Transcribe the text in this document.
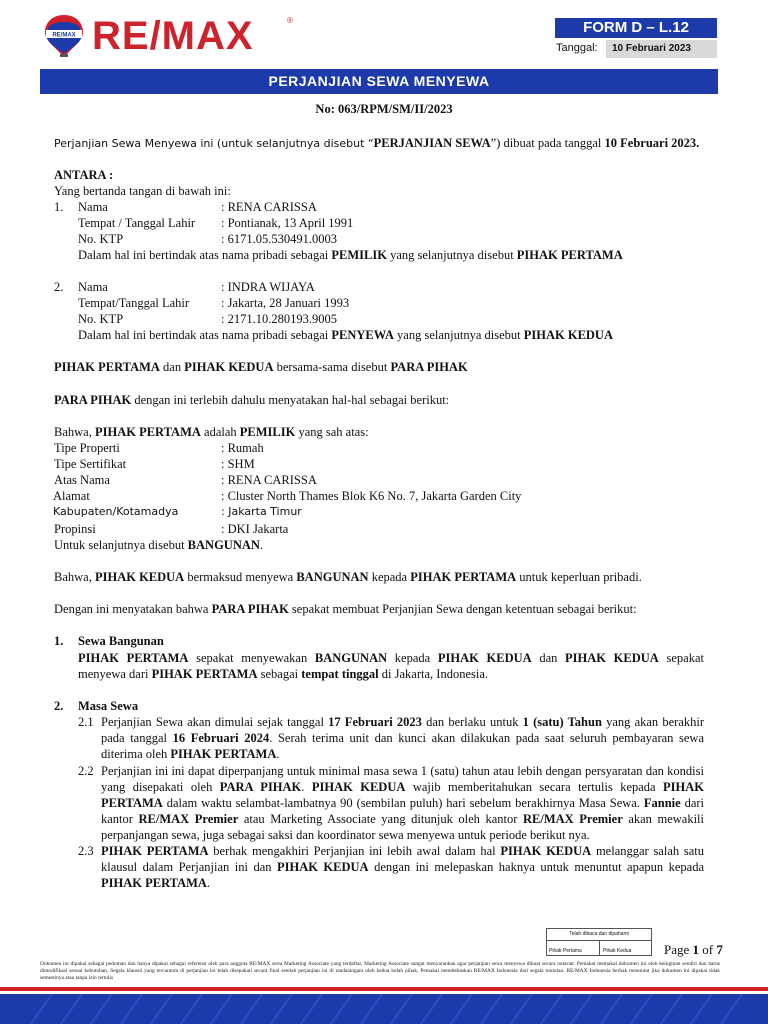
RE/MAX RE/MAX	®	FORM D – L.12
Tanggal:	10 Februari 2023
PERJANJIAN SEWA MENYEWA
No: 063/RPM/SM/II/2023
Perjanjian Sewa Menyewa ini (untuk selanjutnya disebut “PERJANJIAN SEWA”) dibuat pada tanggal 10 Februari 2023.
ANTARA :
Yang bertanda tangan di bawah ini:
1. Nama	: RENA CARISSA
Tempat / Tanggal Lahir : Pontianak, 13 April 1991
No. KTP	: 6171.05.530491.0003
Dalam hal ini bertindak atas nama pribadi sebagai PEMILIK yang selanjutnya disebut PIHAK PERTAMA
2. Nama	: INDRA WIJAYA
Tempat/Tanggal Lahir	: Jakarta, 28 Januari 1993
No. KTP	: 2171.10.280193.9005
Dalam hal ini bertindak atas nama pribadi sebagai PENYEWA yang selanjutnya disebut PIHAK KEDUA
PIHAK PERTAMA dan PIHAK KEDUA bersama-sama disebut PARA PIHAK
PARA PIHAK dengan ini terlebih dahulu menyatakan hal-hal sebagai berikut:
Bahwa, PIHAK PERTAMA adalah PEMILIK yang sah atas:
Tipe Properti	: Rumah
Tipe Sertifikat	: SHM
Atas Nama	: RENA CARISSA
Alamat	: Cluster North Thames Blok K6 No. 7, Jakarta Garden City
Kabupaten/Kotamadya	: Jakarta Timur
Propinsi	: DKI Jakarta
Untuk selanjutnya disebut BANGUNAN.
Bahwa, PIHAK KEDUA bermaksud menyewa BANGUNAN kepada PIHAK PERTAMA untuk keperluan pribadi.
Dengan ini menyatakan bahwa PARA PIHAK sepakat membuat Perjanjian Sewa dengan ketentuan sebagai berikut:
1. Sewa Bangunan
PIHAK PERTAMA sepakat menyewakan BANGUNAN kepada PIHAK KEDUA dan PIHAK KEDUA sepakat menyewa dari PIHAK PERTAMA sebagai tempat tinggal di Jakarta, Indonesia.
2. Masa Sewa
2.1 Perjanjian Sewa akan dimulai sejak tanggal 17 Februari 2023 dan berlaku untuk 1 (satu) Tahun yang akan berakhir pada tanggal 16 Februari 2024. Serah terima unit dan kunci akan dilakukan pada saat seluruh pembayaran sewa diterima oleh PIHAK PERTAMA.
2.2 Perjanjian ini ini dapat diperpanjang untuk minimal masa sewa 1 (satu) tahun atau lebih dengan persyaratan dan kondisi yang disepakati oleh PARA PIHAK. PIHAK KEDUA wajib memberitahukan secara tertulis kepada PIHAK PERTAMA dalam waktu selambat-lambatnya 90 (sembilan puluh) hari sebelum berakhirnya Masa Sewa. Fannie dari kantor RE/MAX Premier atau Marketing Associate yang ditunjuk oleh kantor RE/MAX Premier akan mewakili perpanjangan sewa, juga sebagai saksi dan koordinator sewa menyewa untuk periode berikut nya.
2.3 PIHAK PERTAMA berhak mengakhiri Perjanjian ini lebih awal dalam hal PIHAK KEDUA melanggar salah satu klausul dalam Perjanjian ini dan PIHAK KEDUA dengan ini melepaskan haknya untuk menuntut apapun kepada PIHAK PERTAMA.
Telah dibaca dan dipahami
Pihak Pertama	Pihak Kedua	Page 1 of 7
Dokumen ini dipakai sebagai pedoman dan hanya dipakai sebagai referensi oleh para anggota RE/MAX serta Marketing Associate yang terdaftar. Marketing Associate sangat menyarankan agar perjanjian sewa menyewa dibuat secara notariat. Pemakai memakai dokumen ini oleh keinginan sendiri dan harus dimodifikasi sesuai kebutuhan. Segala klausul yang tercantum di perjanjian ini telah disepakati secara final setelah perjanjian ini di tandatangani oleh kedua belah pihak. Pemakai membebaskan RE/MAX Indonesia dari segala tuntutan. RE/MAX Indonesia berhak menuntut jika dokumen ini dipakai tidak semestinya atau tanpa izin tertulis
